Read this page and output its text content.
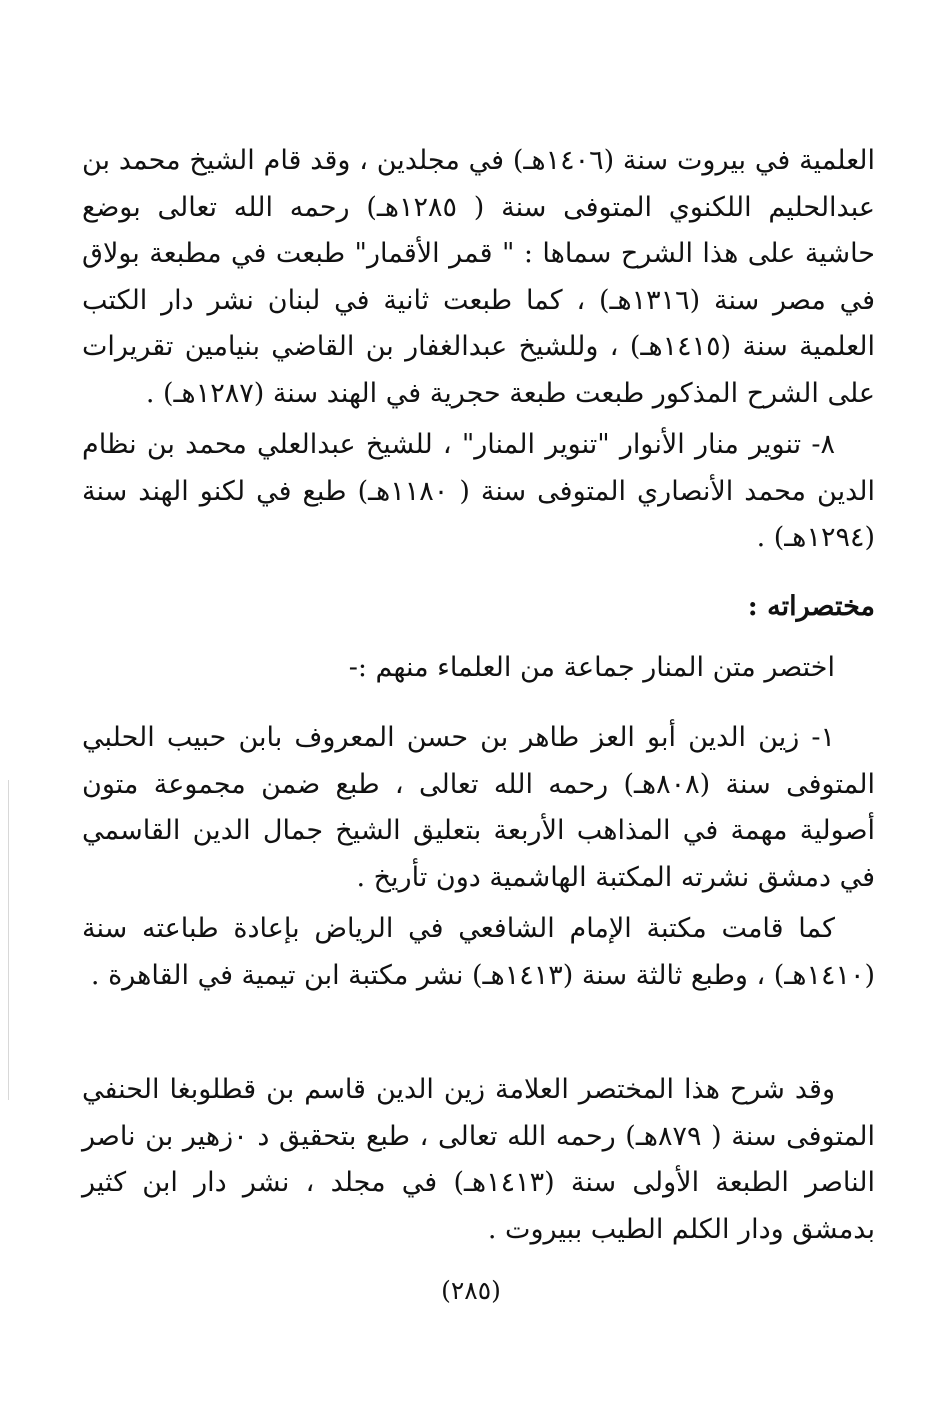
العلمية في بيروت سنة (١٤٠٦هـ) في مجلدين ، وقد قام الشيخ محمد بن عبدالحليم اللكنوي المتوفى سنة ( ١٢٨٥هـ) رحمه الله تعالى بوضع حاشية على هذا الشرح سماها : " قمر الأقمار" طبعت في مطبعة بولاق في مصر سنة (١٣١٦هـ) ، كما طبعت ثانية في لبنان نشر دار الكتب العلمية سنة (١٤١٥هـ) ، وللشيخ عبدالغفار بن القاضي بنيامين تقريرات على الشرح المذكور طبعت طبعة حجرية في الهند سنة (١٢٨٧هـ) .

٨- تنوير منار الأنوار "تنوير المنار" ، للشيخ عبدالعلي محمد بن نظام الدين محمد الأنصاري المتوفى سنة ( ١١٨٠هـ) طبع في لكنو الهند سنة (١٢٩٤هـ) .

مختصراته :

اختصر متن المنار جماعة من العلماء منهم :-

١- زين الدين أبو العز طاهر بن حسن المعروف بابن حبيب الحلبي المتوفى سنة (٨٠٨هـ) رحمه الله تعالى ، طبع ضمن مجموعة متون أصولية مهمة في المذاهب الأربعة بتعليق الشيخ جمال الدين القاسمي في دمشق نشرته المكتبة الهاشمية دون تأريخ .

كما قامت مكتبة الإمام الشافعي في الرياض بإعادة طباعته سنة (١٤١٠هـ) ، وطبع ثالثة سنة (١٤١٣هـ) نشر مكتبة ابن تيمية في القاهرة .

وقد شرح هذا المختصر العلامة زين الدين قاسم بن قطلوبغا الحنفي المتوفى سنة ( ٨٧٩هـ) رحمه الله تعالى ، طبع بتحقيق د ٠زهير بن ناصر الناصر الطبعة الأولى سنة (١٤١٣هـ) في مجلد ، نشر دار ابن كثير بدمشق ودار الكلم الطيب ببيروت .

(٢٨٥)
